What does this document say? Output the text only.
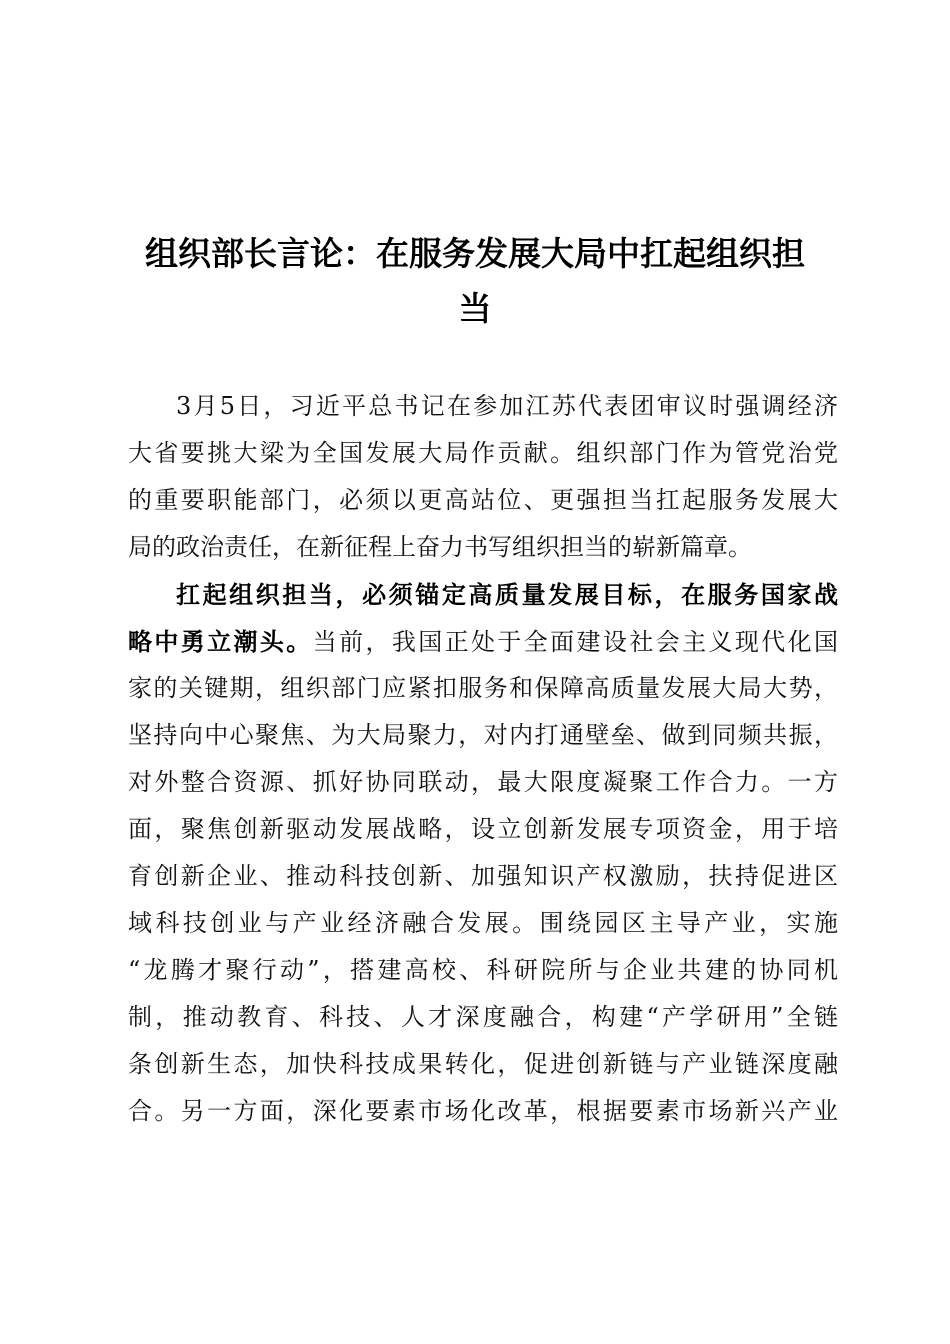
组织部长言论：在服务发展大局中扛起组织担
当
3月5日，习近平总书记在参加江苏代表团审议时强调经济
大省要挑大梁为全国发展大局作贡献。组织部门作为管党治党
的重要职能部门，必须以更高站位、更强担当扛起服务发展大
局的政治责任，在新征程上奋力书写组织担当的崭新篇章。
扛起组织担当，必须锚定高质量发展目标，在服务国家战
略中勇立潮头。当前，我国正处于全面建设社会主义现代化国
家的关键期，组织部门应紧扣服务和保障高质量发展大局大势，
坚持向中心聚焦、为大局聚力，对内打通壁垒、做到同频共振，
对外整合资源、抓好协同联动，最大限度凝聚工作合力。一方
面，聚焦创新驱动发展战略，设立创新发展专项资金，用于培
育创新企业、推动科技创新、加强知识产权激励，扶持促进区
域科技创业与产业经济融合发展。围绕园区主导产业，实施
“龙腾才聚行动”，搭建高校、科研院所与企业共建的协同机
制，推动教育、科技、人才深度融合，构建“产学研用”全链
条创新生态，加快科技成果转化，促进创新链与产业链深度融
合。另一方面，深化要素市场化改革，根据要素市场新兴产业
